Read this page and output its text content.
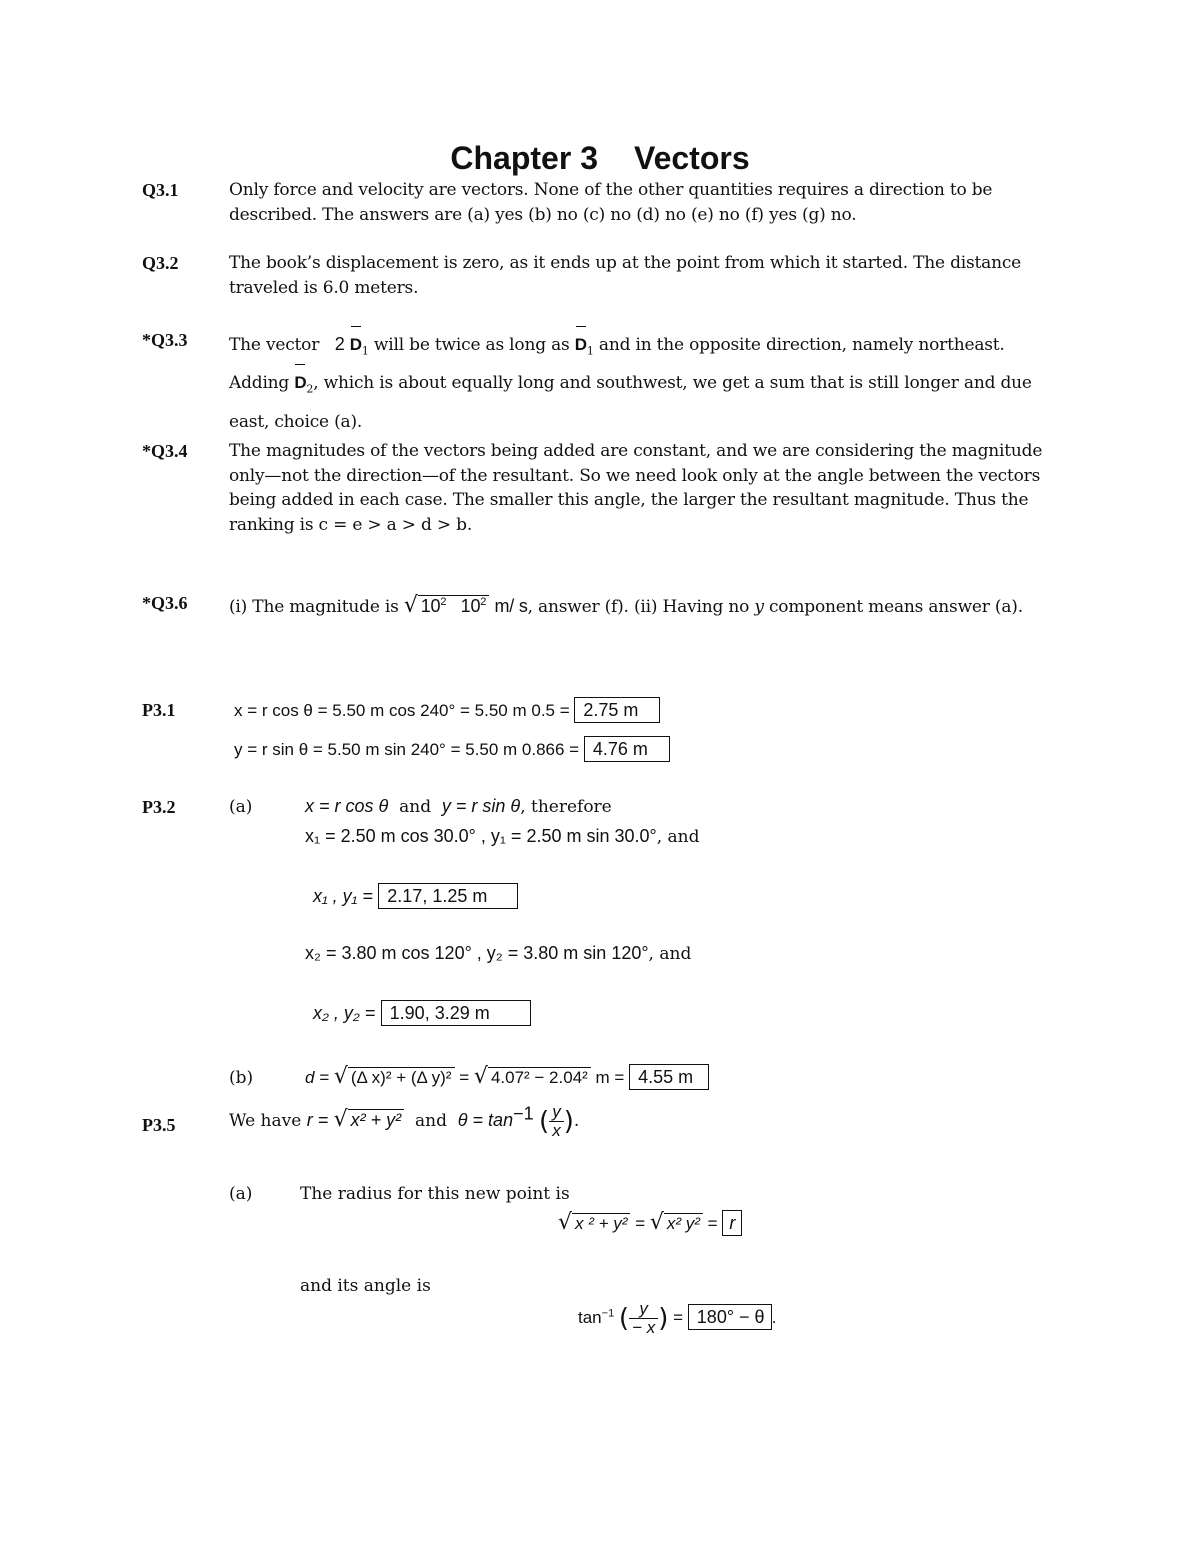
Chapter 3 Vectors
Q3.1	Only force and velocity are vectors. None of the other quantities requires a direction to be described. The answers are (a) yes (b) no (c) no (d) no (e) no (f) yes (g) no.
Q3.2	The book’s displacement is zero, as it ends up at the point from which it started. The distance traveled is 6.0 meters.
*Q3.3 The vector 2 $D_1$ will be twice as long as $D_1$ and in the opposite direction, namely northeast. Adding $D_2$, which is about equally long and southwest, we get a sum that is still longer and due east, choice (a).
*Q3.4 The magnitudes of the vectors being added are constant, and we are considering the magnitude only—not the direction—of the resultant. So we need look only at the angle between the vectors being added in each case. The smaller this angle, the larger the resultant magnitude. Thus the ranking is c = e > a > d > b.
*Q3.6 (i) The magnitude is √ $10^2$ $10^2$ m/ s, answer (f). (ii) Having no y component means answer (a).
P3.1	x = r cos θ = 5.50 m cos 240° = 5.50 m 0.5 = 2.75 m
y = r sin θ = 5.50 m sin 240° = 5.50 m 0.866 = 4.76 m
P3.2	(a)	x = r cos θ and y = r sin θ, therefore
x₁ = 2.50 m cos 30.0° , y₁ = 2.50 m sin 30.0°, and
x₁ , y₁ = 2.17, 1.25 m
x₂ = 3.80 m cos 120° , y₂ = 3.80 m sin 120°, and
x₂ , y₂ = 1.90, 3.29 m
(b)	d = √ (Δ x)² + (Δ y)² = √ 4.07² − 2.04² m = 4.55 m
P3.5	We have r = √ x² + y² and $\theta = \tan^{-1}$ ( $\frac{y}{x}$ ).
(a)	The radius for this new point is
√ x ² + y² = √ x² y² = r
and its angle is
$\tan^{-1}$ ( $\frac{y}{- x}$ ) = 180° − θ .
